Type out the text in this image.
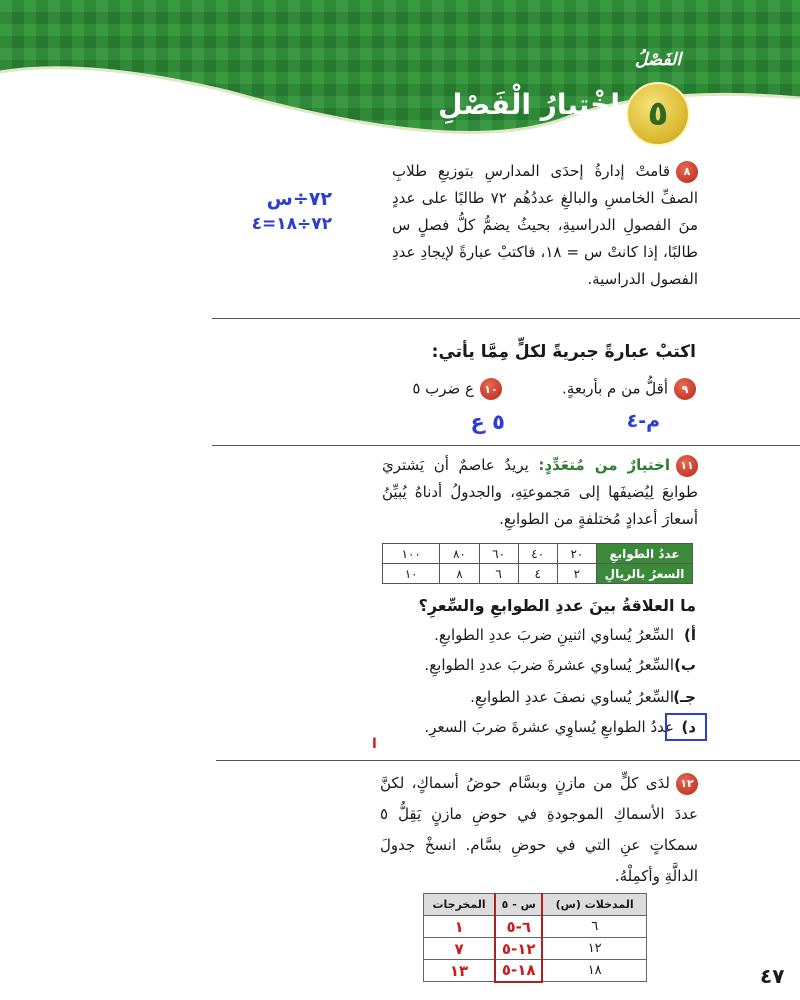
الفَصْلُ
٥
اخْتِبارُ الْفَصْلِ
٨قامتْ إدارةُ إحدَى المدارسِ بتوزيعِ طلابِ الصفِّ الخامسِ والبالغِ عددُهُم ٧٢ طالبًا على عددٍ منَ الفصولِ الدراسيةِ، بحيثُ يضمُّ كلُّ فصلٍ س طالبًا، إذا كانتْ س = ١٨، فاكتبْ عبارةً لإيجادِ عددِ الفصول الدراسية.
٧٢÷س
٧٢÷١٨=٤
اكتبْ عبارةً جبريةً لكلٍّ مِمَّا يأتي:
٩أقلُّ من م بأربعةٍ.
١٠ع ضرب ٥
م-٤
٥ ع
١١اختيارٌ من مُتعَدِّدٍ: يريدُ عاصمٌ أن يَشتريَ طوابعَ لِيُضيفَها إلى مَجموعتِهِ، والجدولُ أدناهُ يُبيِّنُ أسعارَ أعدادٍ مُختلفةٍ من الطوابعِ.
١٠٠	٨٠	٦٠	٤٠	٢٠	عددُ الطوابعِ
١٠	٨	٦	٤	٢	السعرُ بالريالِ
ما العلاقةُ بينَ عددِ الطوابعِ والسِّعرِ؟
أ)السِّعرُ يُساوي اثنينِ ضربَ عددِ الطوابعِ.
ب)السِّعرُ يُساوي عشرةَ ضربَ عددِ الطوابعِ.
جـ)السِّعرُ يُساوي نصفَ عددِ الطوابعِ.
د)عددُ الطوابعِ يُساوِي عشرةَ ضربَ السعرِ.
ا
١٢لدَى كلٍّ من مازنٍ وبسَّام حوضُ أسماكٍ، لكنَّ عددَ الأسماكِ الموجودةِ في حوضِ مازنٍ يَقِلُّ ٥ سمكاتٍ عنِ التي في حوضِ بسَّام. انسخْ جدولَ الدالَّةِ وأكمِلْهُ.
المخرجات	س - ٥	المدخلات (س)
١	٦-٥	٦
٧	١٢-٥	١٢
١٣	١٨-٥	١٨	٤٧
